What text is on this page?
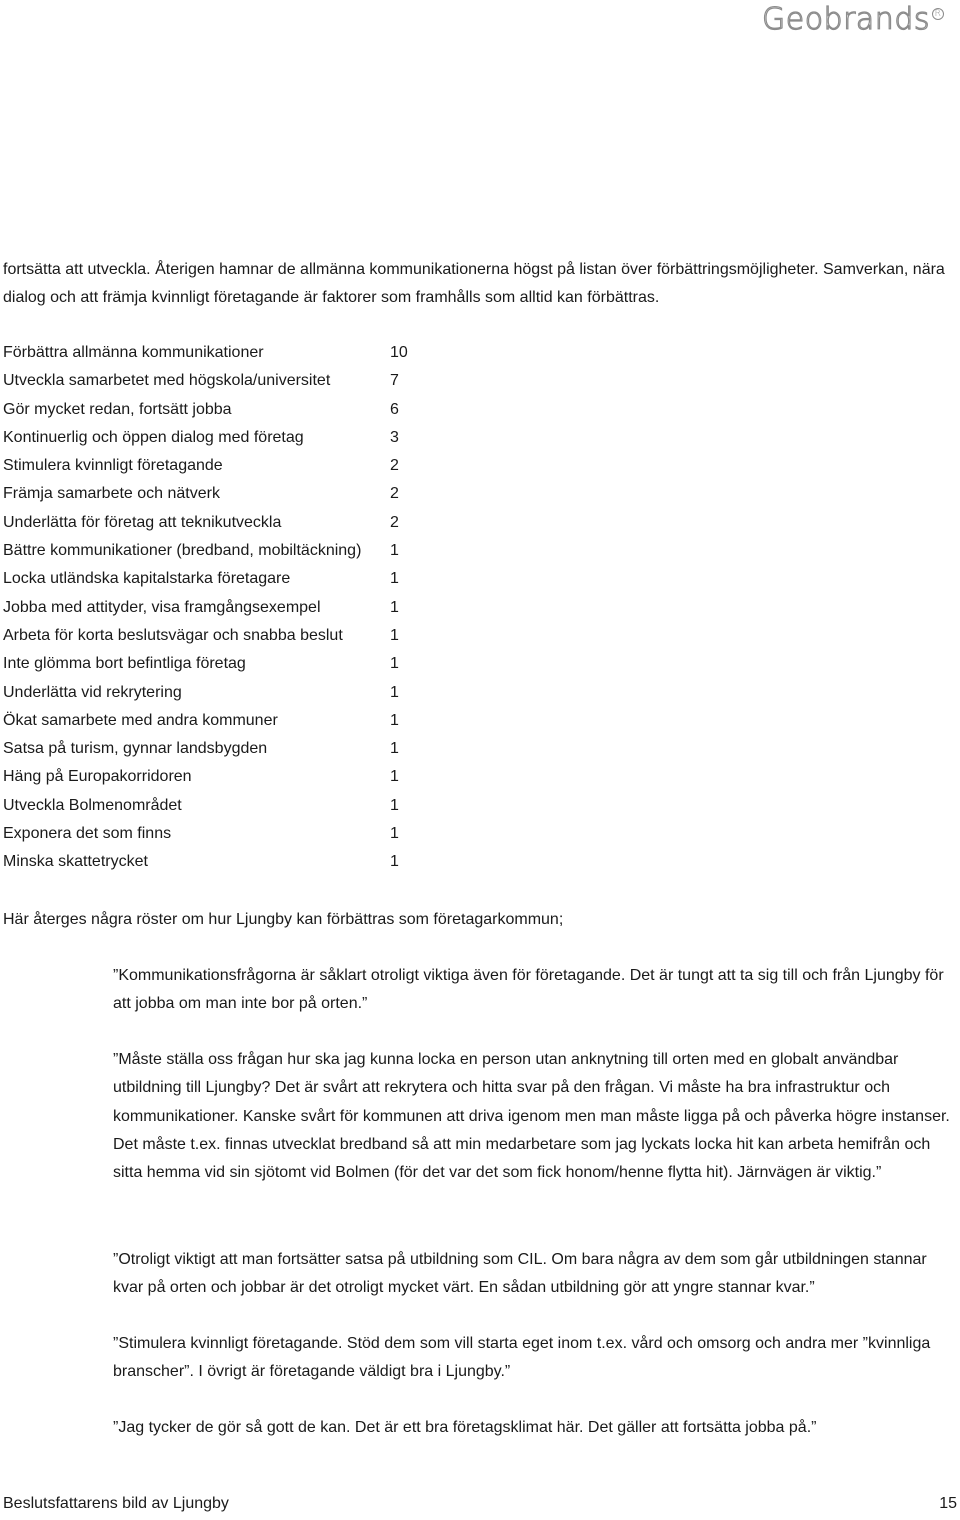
Geobrands R

fortsätta att utveckla. Återigen hamnar de allmänna kommunikationerna högst på listan över förbättringsmöjligheter. Samverkan, nära dialog och att främja kvinnligt företagande är faktorer som framhålls som alltid kan förbättras.

Förbättra allmänna kommunikationer	10
Utveckla samarbetet med högskola/universitet	7
Gör mycket redan, fortsätt jobba	6
Kontinuerlig och öppen dialog med företag	3
Stimulera kvinnligt företagande	2
Främja samarbete och nätverk	2
Underlätta för företag att teknikutveckla	2
Bättre kommunikationer (bredband, mobiltäckning) 1
Locka utländska kapitalstarka företagare	1
Jobba med attityder, visa framgångsexempel	1
Arbeta för korta beslutsvägar och snabba beslut	1
Inte glömma bort befintliga företag	1
Underlätta vid rekrytering	1
Ökat samarbete med andra kommuner	1
Satsa på turism, gynnar landsbygden	1
Häng på Europakorridoren	1
Utveckla Bolmenområdet	1
Exponera det som finns	1
Minska skattetrycket	1

Här återges några röster om hur Ljungby kan förbättras som företagarkommun;

”Kommunikationsfrågorna är såklart otroligt viktiga även för företagande. Det är tungt att ta sig till och från Ljungby för att jobba om man inte bor på orten.”

”Måste ställa oss frågan hur ska jag kunna locka en person utan anknytning till orten med en globalt användbar utbildning till Ljungby? Det är svårt att rekrytera och hitta svar på den frågan. Vi måste ha bra infrastruktur och kommunikationer. Kanske svårt för kommunen att driva igenom men man måste ligga på och påverka högre instanser. Det måste t.ex. finnas utvecklat bredband så att min medarbetare som jag lyckats locka hit kan arbeta hemifrån och sitta hemma vid sin sjötomt vid Bolmen (för det var det som fick honom/henne flytta hit). Järnvägen är viktig.”

”Otroligt viktigt att man fortsätter satsa på utbildning som CIL. Om bara några av dem som går utbildningen stannar kvar på orten och jobbar är det otroligt mycket värt. En sådan utbildning gör att yngre stannar kvar.”

”Stimulera kvinnligt företagande. Stöd dem som vill starta eget inom t.ex. vård och omsorg och andra mer ”kvinnliga branscher”. I övrigt är företagande väldigt bra i Ljungby.”

”Jag tycker de gör så gott de kan. Det är ett bra företagsklimat här. Det gäller att fortsätta jobba på.”

Beslutsfattarens bild av Ljungby	15
